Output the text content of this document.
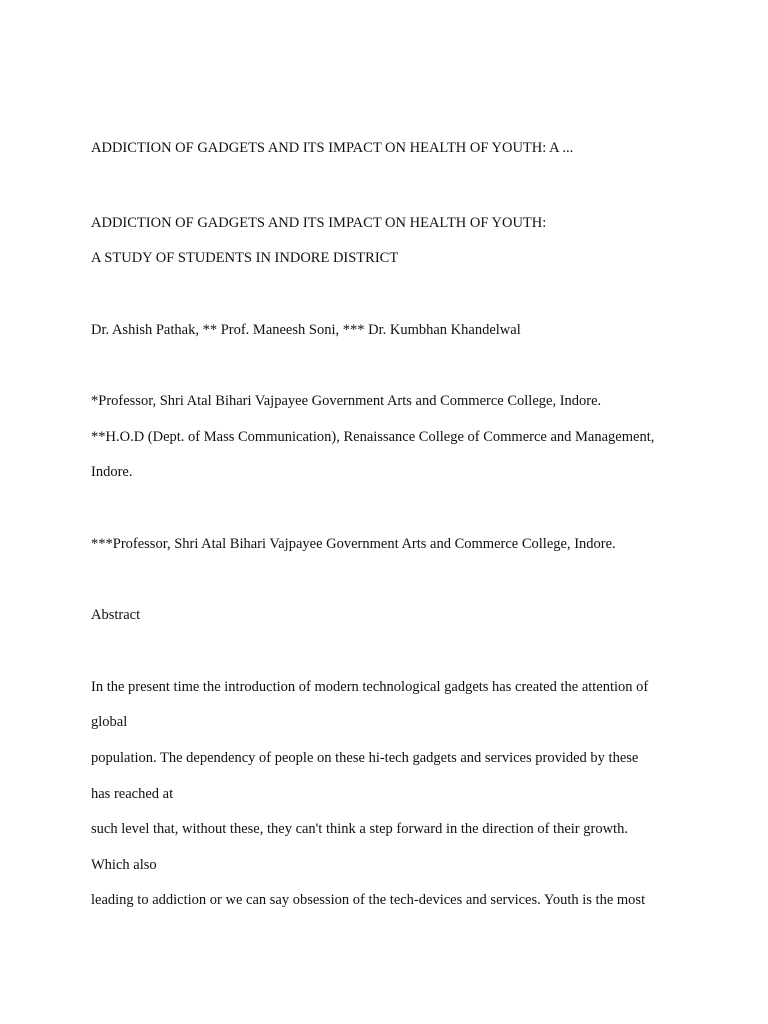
ADDICTION OF GADGETS AND ITS IMPACT ON HEALTH OF YOUTH: A ...
ADDICTION OF GADGETS AND ITS IMPACT ON HEALTH OF YOUTH:
A STUDY OF STUDENTS IN INDORE DISTRICT
Dr. Ashish Pathak, ** Prof. Maneesh Soni, *** Dr. Kumbhan Khandelwal
*Professor, Shri Atal Bihari Vajpayee Government Arts and Commerce College, Indore.
**H.O.D (Dept. of Mass Communication), Renaissance College of Commerce and Management,
Indore.
***Professor, Shri Atal Bihari Vajpayee Government Arts and Commerce College, Indore.
Abstract
In the present time the introduction of modern technological gadgets has created the attention of
global
population. The dependency of people on these hi-tech gadgets and services provided by these
has reached at
such level that, without these, they can't think a step forward in the direction of their growth.
Which also
leading to addiction or we can say obsession of the tech-devices and services. Youth is the most
